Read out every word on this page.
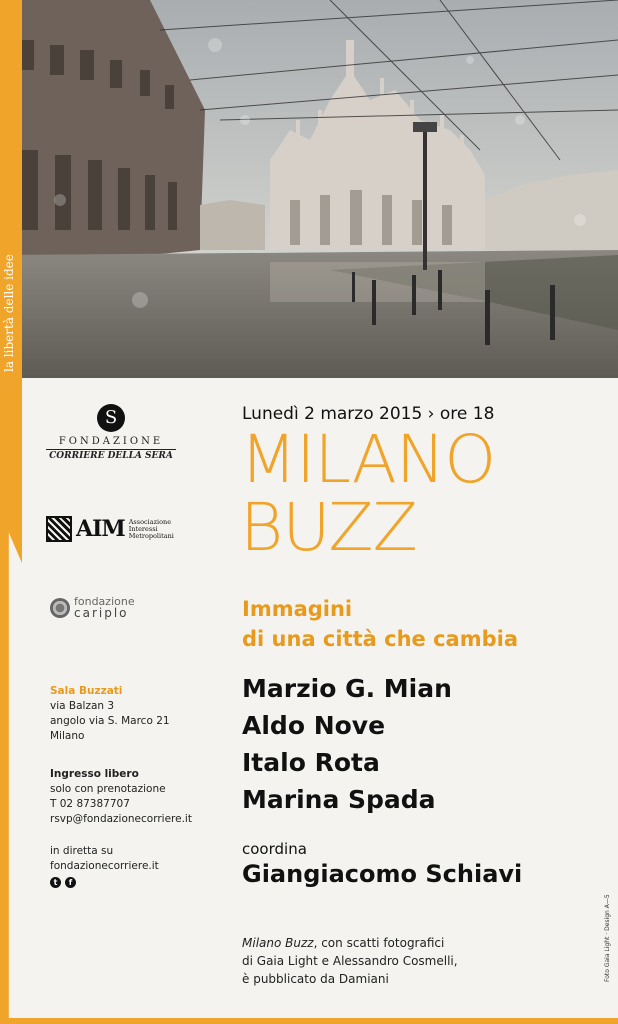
la libertà delle idee
S
FONDAZIONE
CORRIERE DELLA SERA
AIM Associazione
Interessi
Metropolitani
fondazione
cariplo
Sala Buzzati
via Balzan 3
angolo via S. Marco 21
Milano
Ingresso libero
solo con prenotazione
T 02 87387707
rsvp@fondazionecorriere.it
in diretta su
fondazionecorriere.it
t	f
Lunedì 2 marzo 2015 › ore 18
MILANO
BUZZ
Immagini
di una città che cambia
Marzio G. Mian
Aldo Nove
Italo Rota
Marina Spada
coordina
Giangiacomo Schiavi
Milano Buzz, con scatti fotografici
di Gaia Light e Alessandro Cosmelli,
è pubblicato da Damiani	Foto Gaia Light · Design A—5
